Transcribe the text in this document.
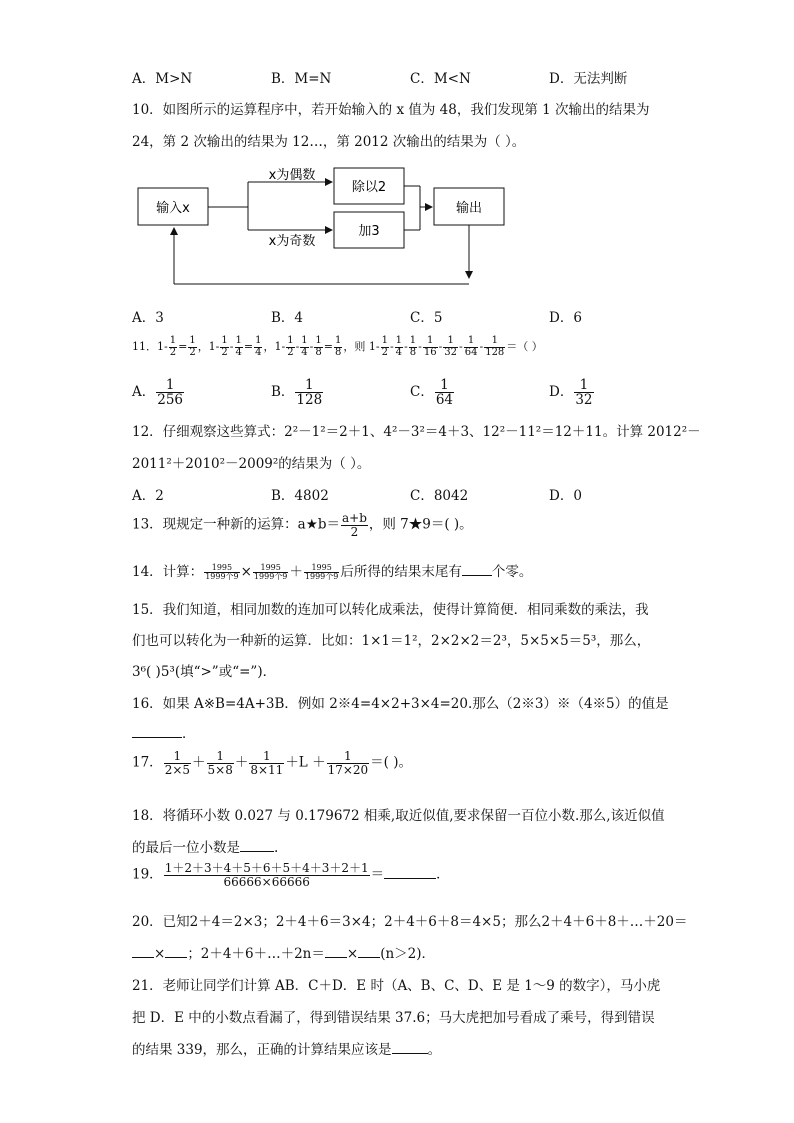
A．M>N	B．M=N	C．M<N	D．无法判断
10．如图所示的运算程序中，若开始输入的 x 值为 48，我们发现第 1 次输出的结果为
24，第 2 次输出的结果为 12…，第 2012 次输出的结果为（ ）。
输入x
x为偶数
x为奇数
除以2
加3
输出
A．3	B．4	C．5	D．6
11．$1- \frac{1}{2} = \frac{1}{2}$ ，$1- \frac{1}{2} - \frac{1}{4} = \frac{1}{4}$ ，$1- \frac{1}{2} - \frac{1}{4} - \frac{1}{8} = \frac{1}{8}$ ，则 $1- \frac{1}{2} - \frac{1}{4} - \frac{1}{8} - \frac{1}{16} - \frac{1}{32} - \frac{1}{64} - \frac{1}{128}$ ＝（ ）
A． $\frac{1}{256}$	B． $\frac{1}{128}$	C． $\frac{1}{64}$	D． $\frac{1}{32}$
12．仔细观察这些算式：2²－1²＝2＋1、4²－3²＝4＋3、12²－11²＝12＋11。计算 2012²－
2011²＋2010²－2009²的结果为（ ）。
A．2	B．4802	C．8042	D．0
13．现规定一种新的运算：a★b＝ $\frac{a+b}{2}$ ，则 7★9＝( )。
14．计算： $\frac{1995}{\text{1999个9}} \times \frac{1995}{\text{1999个9}} + \frac{1995}{\text{1999个9}}$ 后所得的结果末尾有 个零。
15．我们知道，相同加数的连加可以转化成乘法，使得计算简便．相同乘数的乘法，我
们也可以转化为一种新的运算．比如：1×1＝1²，2×2×2＝2³，5×5×5＝5³，那么，
3⁶( )5³(填“>”或“=”)．
16．如果 A※B=4A+3B．例如 2※4=4×2+3×4=20.那么（2※3）※（4※5）的值是
．
17． $\frac{1}{2\times 5} + \frac{1}{5\times 8} + \frac{1}{8\times 11} +L + \frac{1}{17\times 20}$ ＝( )。
18．将循环小数 0.027 与 0.179672 相乘,取近似值,要求保留一百位小数.那么,该近似值
的最后一位小数是	.
19． $\frac{1+2+3+4+5+6+5+4+3+2+1}{66666\times 66666}$ ＝	．
20．已知2＋4＝2×3；2＋4＋6＝3×4；2＋4＋6＋8＝4×5；那么2＋4＋6＋8＋…＋20＝
× ；2＋4＋6＋…＋2n＝ × (n＞2)．
21．老师让同学们计算 AB．C＋D．E 时（A、B、C、D、E 是 1～9 的数字），马小虎
把 D．E 中的小数点看漏了，得到错误结果 37.6；马大虎把加号看成了乘号，得到错误
的结果 339，那么，正确的计算结果应该是	。
